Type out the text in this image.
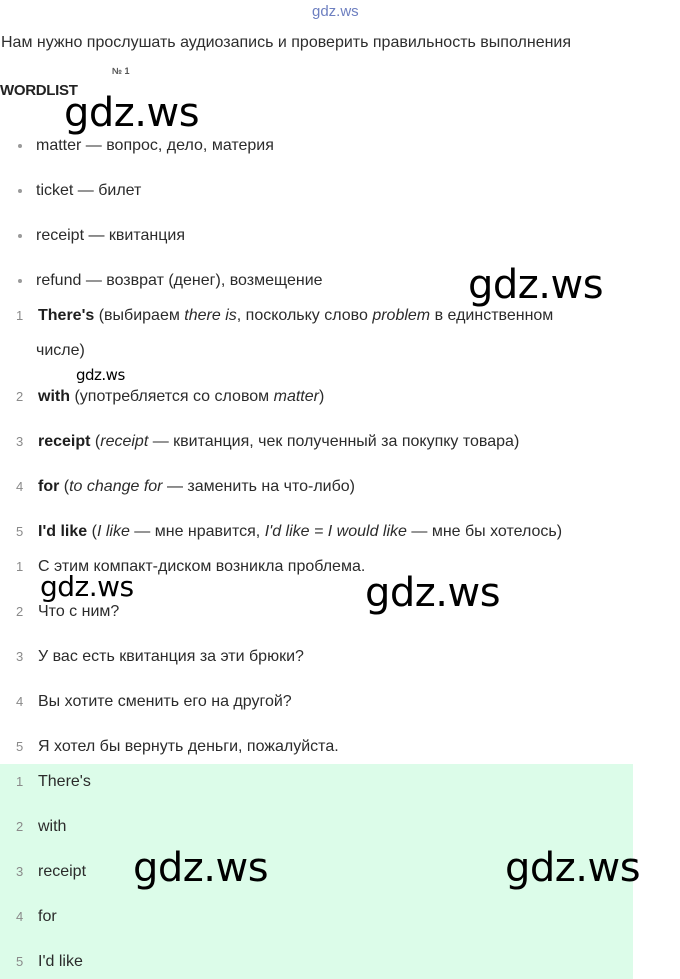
gdz.ws
Нам нужно прослушать аудиозапись и проверить правильность выполнения
№ 1
WORDLIST
matter — вопрос, дело, материя
ticket — билет
receipt — квитанция
refund — возврат (денег), возмещение
1 There's (выбираем there is, поскольку слово problem в единственном
числе)
2 with (употребляется со словом matter)
3 receipt (receipt — квитанция, чек полученный за покупку товара)
4 for (to change for — заменить на что-либо)
5 I'd like (I like — мне нравится, I'd like = I would like — мне бы хотелось)
1 С этим компакт-диском возникла проблема.
2 Что с ним?
3 У вас есть квитанция за эти брюки?
4 Вы хотите сменить его на другой?
5 Я хотел бы вернуть деньги, пожалуйста.
1 There's
2 with
3 receipt
4 for
5 I'd like
gdz.ws
gdz.ws
gdz.ws
gdz.ws	gdz.ws
gdz.ws	gdz.ws
